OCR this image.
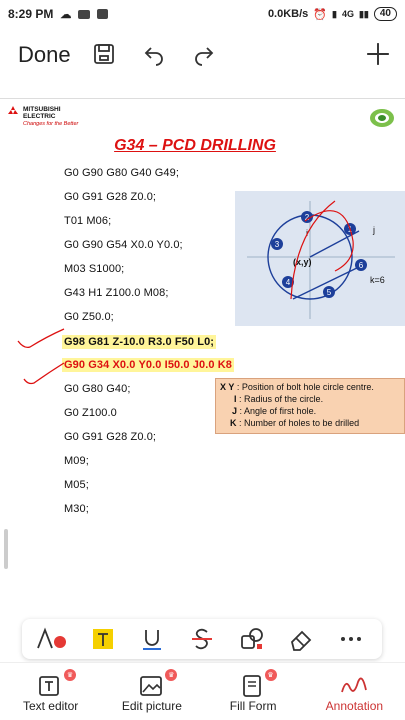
8:29 PM ☁	0.0KB/s ⏰ ▮ 4G ▮▮	40
Done
MITSUBISHI
ELECTRIC
Changes for the Better
G34 – PCD DRILLING
G0 G90 G80 G40 G49;
G0 G91 G28 Z0.0;
T01 M06;
G0 G90 G54 X0.0 Y0.0;
M03 S1000;
G43 H1 Z100.0 M08;
G0 Z50.0;
G98 G81 Z-10.0 R3.0 F50 L0;
G90 G34 X0.0 Y0.0 I50.0 J0.0 K8
G0 G80 G40;
G0 Z100.0
G0 G91 G28 Z0.0;
M09;
M05;
M30;
1
2
3
4
5
6
(x,y)
i	j
k=6
X Y : Position of bolt hole circle centre.
I : Radius of the circle.
J : Angle of first hole.
K : Number of holes to be drilled
♛
Text editor
♛
Edit picture
♛
Fill Form	Annotation
